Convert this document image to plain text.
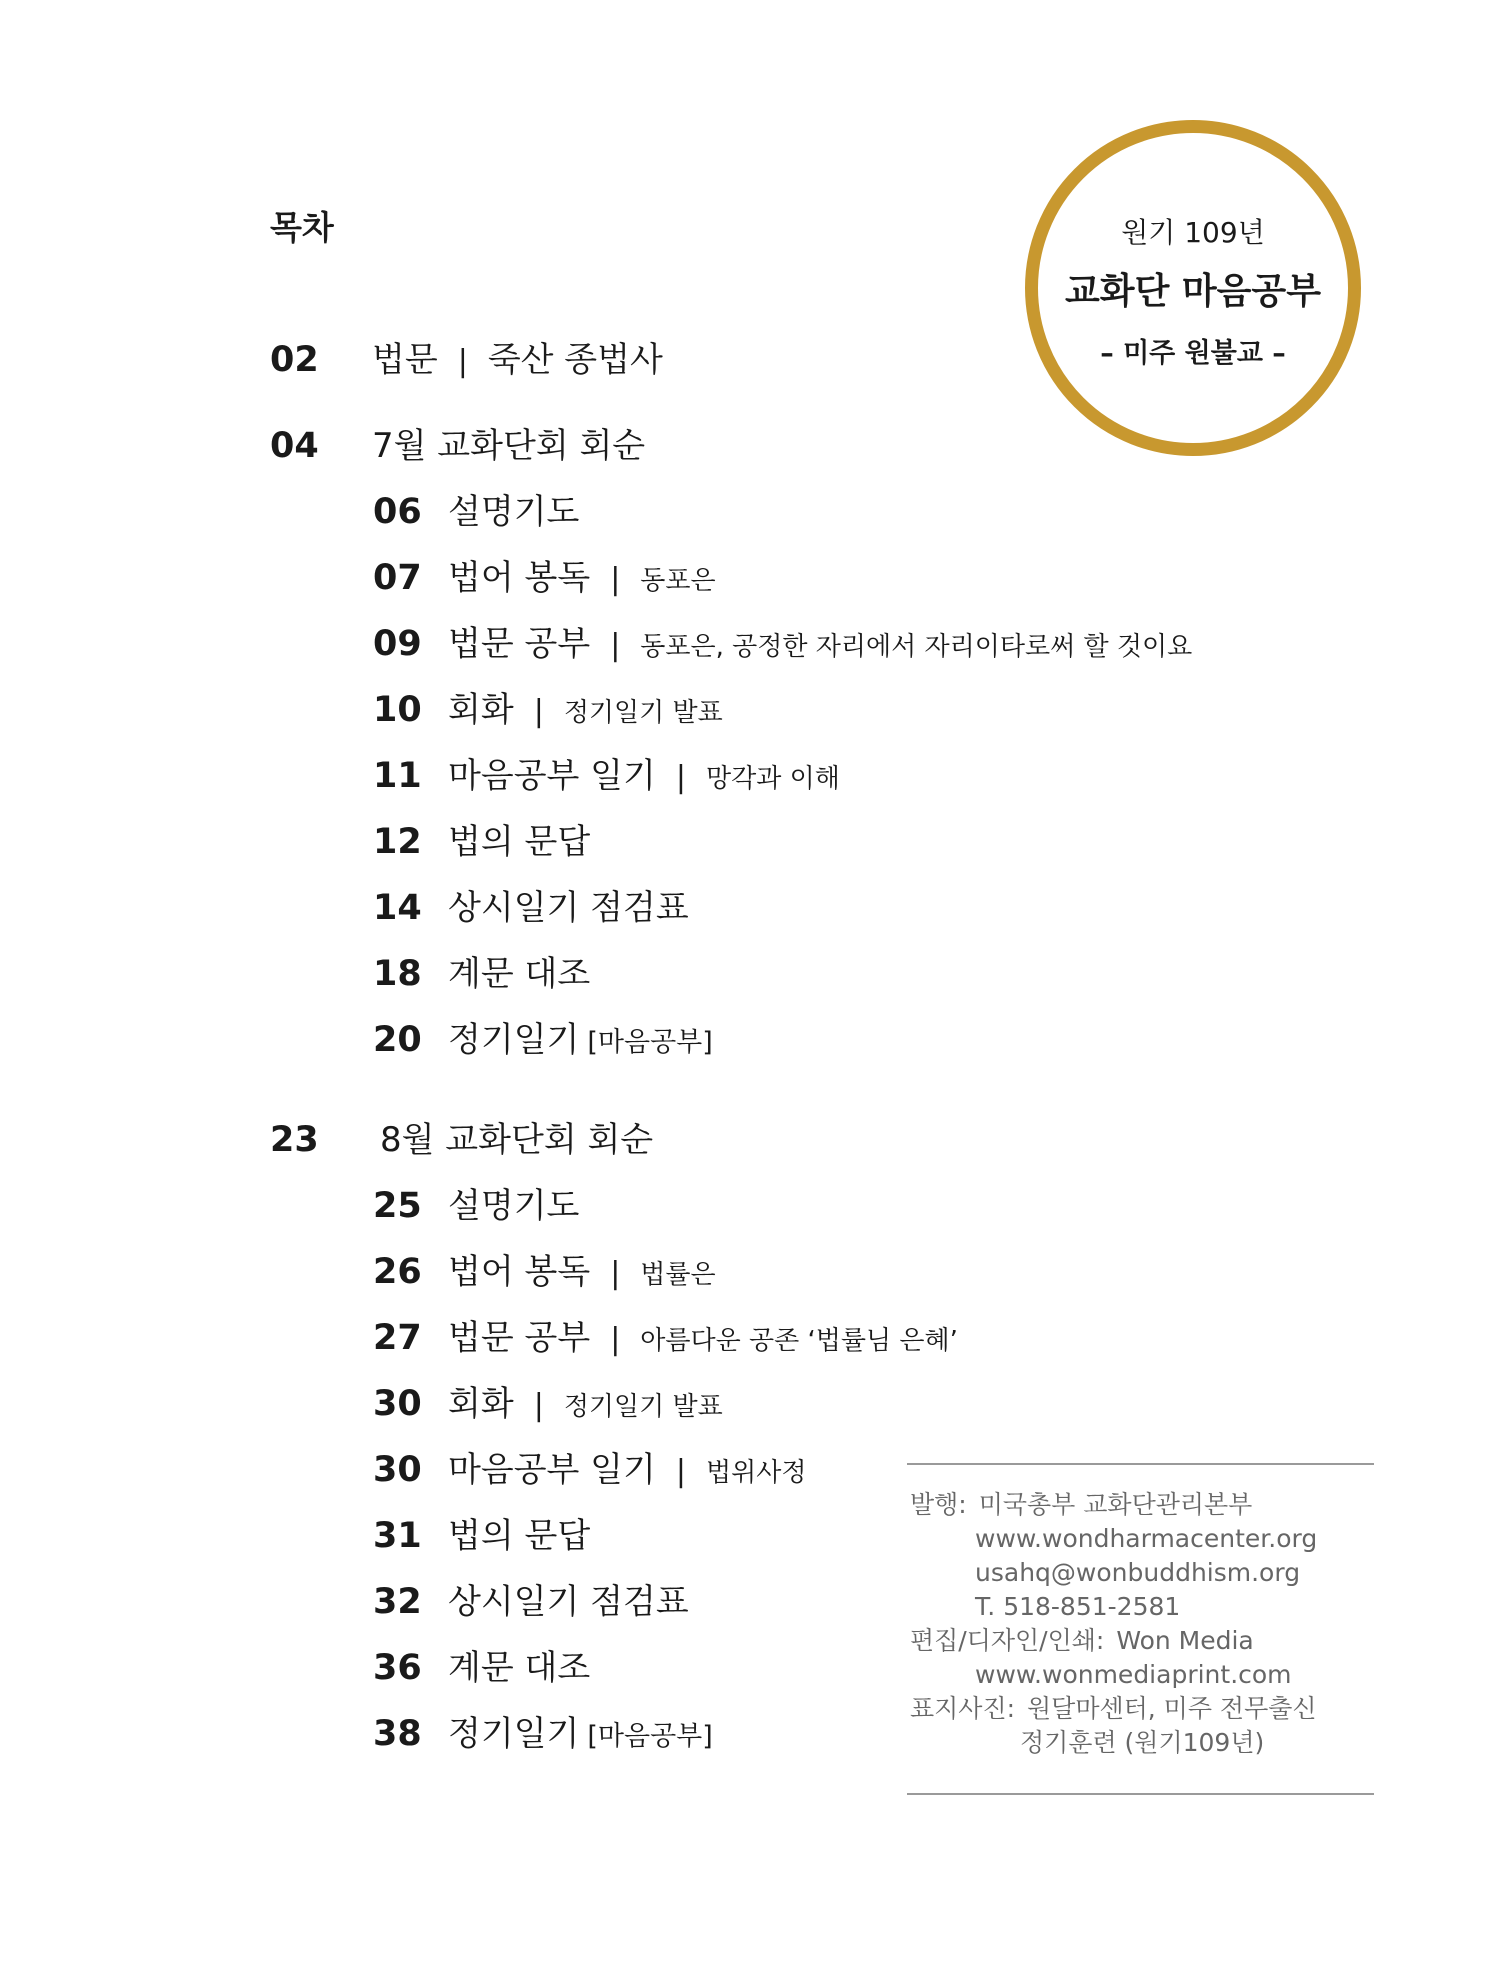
목차
02	법문 | 죽산 종법사
04	7월 교화단회 회순
06 설명기도
07 법어 봉독 | 동포은
09 법문 공부 | 동포은, 공정한 자리에서 자리이타로써 할 것이요
10 회화 | 정기일기 발표
11 마음공부 일기 | 망각과 이해
12 법의 문답
14 상시일기 점검표
18 계문 대조
20 정기일기 [마음공부]
23	8월 교화단회 회순
25 설명기도
26 법어 봉독 | 법률은
27 법문 공부 | 아름다운 공존 ‘법률님 은혜’
30 회화 | 정기일기 발표
30 마음공부 일기 | 법위사정
31 법의 문답
32 상시일기 점검표
36 계문 대조
38 정기일기 [마음공부]
원기 109년
교화단 마음공부
– 미주 원불교 –
발행: 미국총부 교화단관리본부
www.wondharmacenter.org
usahq@wonbuddhism.org
T. 518-851-2581
편집/디자인/인쇄: Won Media
www.wonmediaprint.com
표지사진: 원달마센터, 미주 전무출신
정기훈련 (원기109년)
